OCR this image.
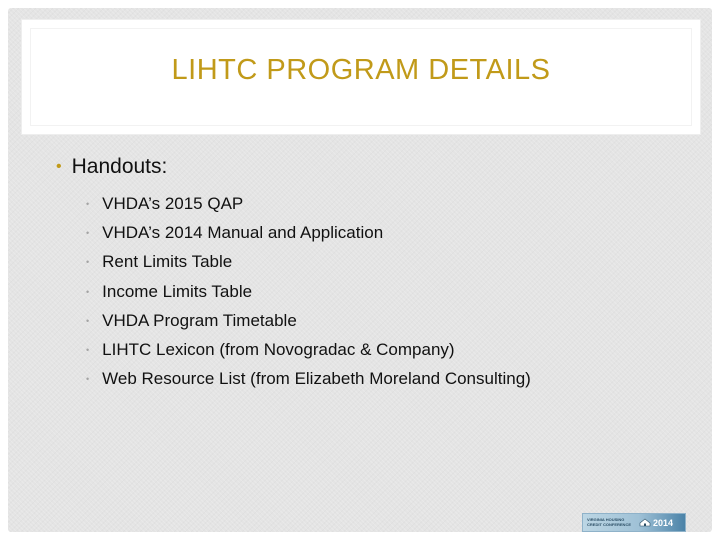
LIHTC PROGRAM DETAILS
• Handouts:
• VHDA’s 2015 QAP
• VHDA’s 2014 Manual and Application
• Rent Limits Table
• Income Limits Table
• VHDA Program Timetable
• LIHTC Lexicon (from Novogradac & Company)
• Web Resource List (from Elizabeth Moreland Consulting)
VIRGINIA HOUSING
CREDIT CONFERENCE 2014
